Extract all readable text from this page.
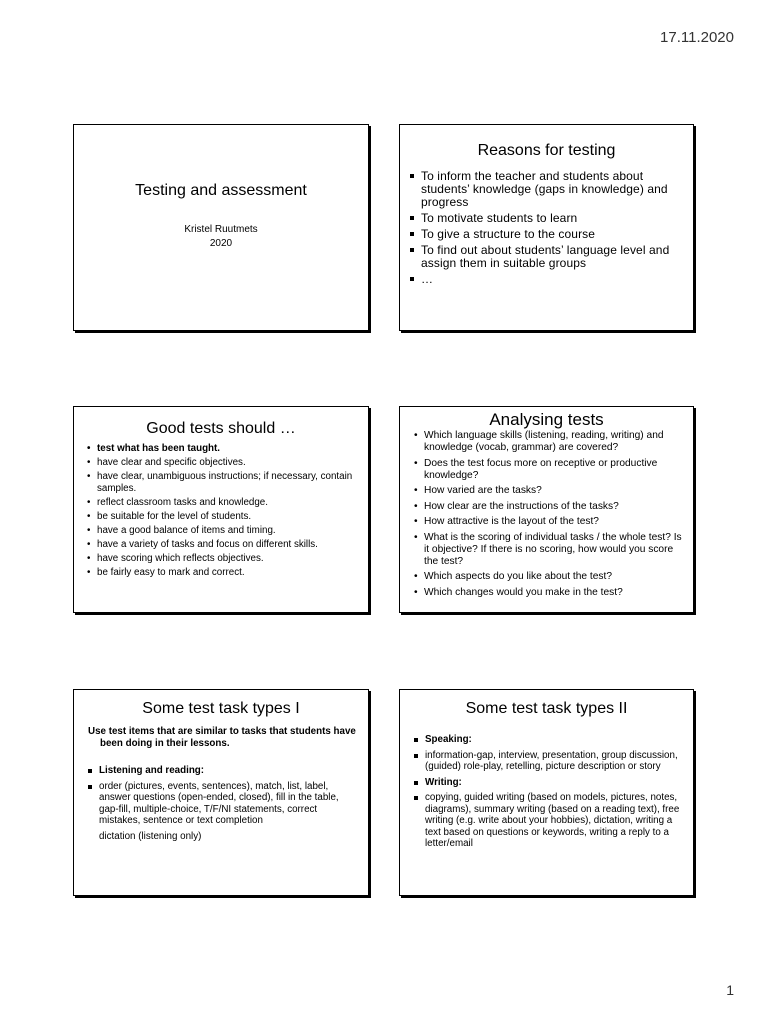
17.11.2020
Testing and assessment
Kristel Ruutmets
2020
Reasons for testing
To inform the teacher and students about students’ knowledge (gaps in knowledge) and progress
To motivate students to learn
To give a structure to the course
To find out about students’ language level and assign them in suitable groups
…
Good tests should …
• test what has been taught.
• have clear and specific objectives.
• have clear, unambiguous instructions; if necessary, contain samples.
• reflect classroom tasks and knowledge.
• be suitable for the level of students.
• have a good balance of items and timing.
• have a variety of tasks and focus on different skills.
• have scoring which reflects objectives.
• be fairly easy to mark and correct.
Analysing tests
• Which language skills (listening, reading, writing) and knowledge (vocab, grammar) are covered?
• Does the test focus more on receptive or productive knowledge?
• How varied are the tasks?
• How clear are the instructions of the tasks?
• How attractive is the layout of the test?
• What is the scoring of individual tasks / the whole test? Is it objective? If there is no scoring, how would you score the test?
• Which aspects do you like about the test?
• Which changes would you make in the test?
Some test task types I
Use test items that are similar to tasks that students have been doing in their lessons.
Listening and reading:
order (pictures, events, sentences), match, list, label, answer questions (open-ended, closed), fill in the table, gap-fill, multiple-choice, T/F/NI statements, correct mistakes, sentence or text completion
dictation (listening only)
Some test task types II
Speaking:
information-gap, interview, presentation, group discussion, (guided) role-play, retelling, picture description or story
Writing:
copying, guided writing (based on models, pictures, notes, diagrams), summary writing (based on a reading text), free writing (e.g. write about your hobbies), dictation, writing a text based on questions or keywords, writing a reply to a letter/email
1
